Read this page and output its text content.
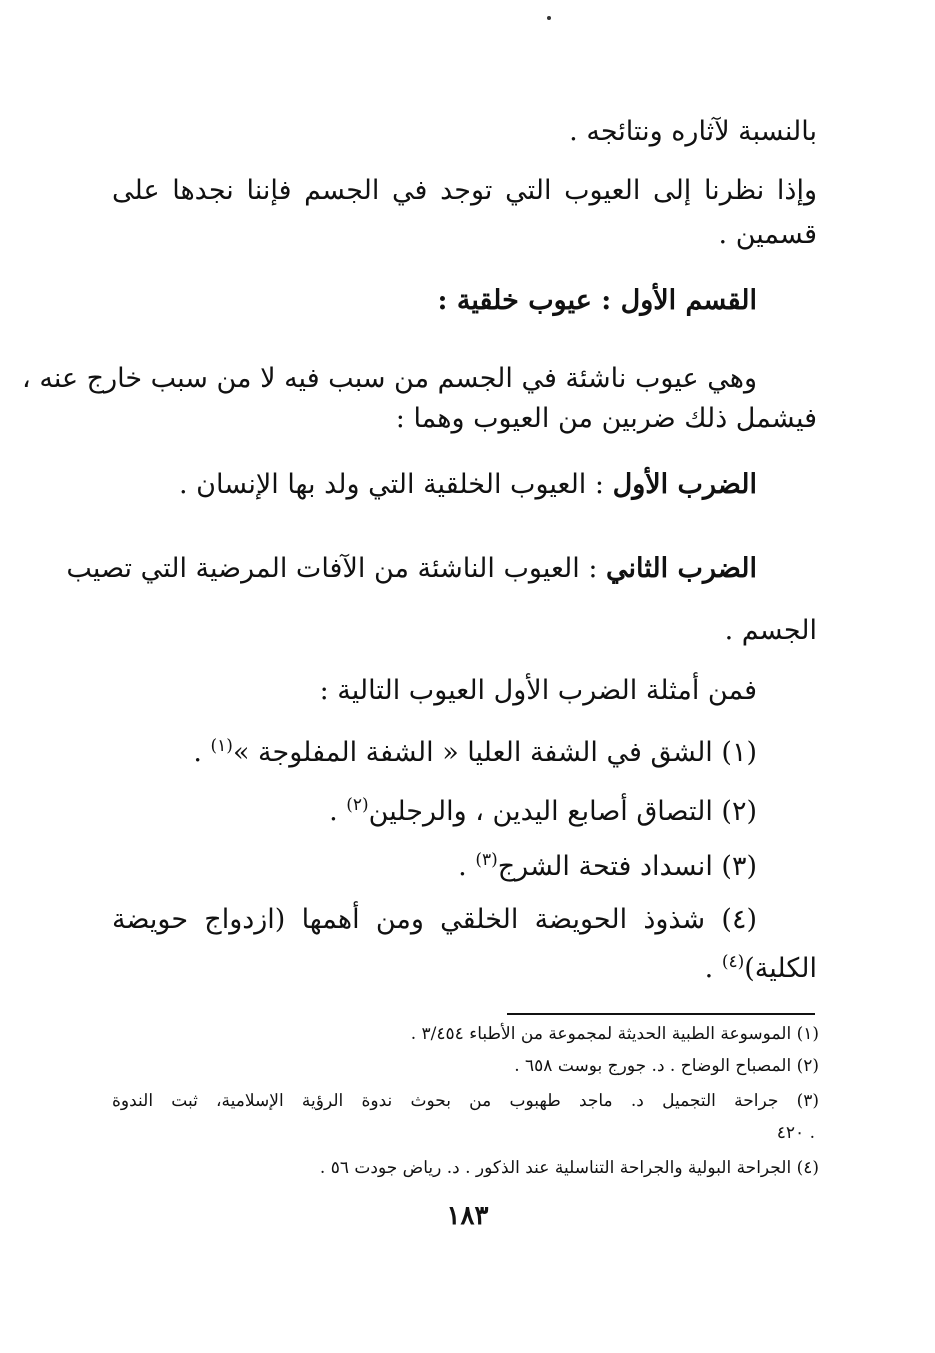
بالنسبة لآثاره ونتائجه .
وإذا نظرنا إلى العيوب التي توجد في الجسم فإننا نجدها على
قسمين .
القسم الأول : عيوب خلقية :
وهي عيوب ناشئة في الجسم من سبب فيه لا من سبب خارج عنه ،
فيشمل ذلك ضربين من العيوب وهما :
الضرب الأول : العيوب الخلقية التي ولد بها الإنسان .
الضرب الثاني : العيوب الناشئة من الآفات المرضية التي تصيب
الجسم .
فمن أمثلة الضرب الأول العيوب التالية :
(١) الشق في الشفة العليا « الشفة المفلوجة »$^{(١)}$ .
(٢) التصاق أصابع اليدين ، والرجلين$^{(٢)}$ .
(٣) انسداد فتحة الشرج$^{(٣)}$ .
(٤) شذوذ الحويضة الخلقي ومن أهمها (ازدواج حويضة
الكلية)$^{(٤)}$ .
(١) الموسوعة الطبية الحديثة لمجموعة من الأطباء ٣/٤٥٤ .
(٢) المصباح الوضاح . د. جورج بوست ٦٥٨ .
(٣) جراحة التجميل د. ماجد طهبوب من بحوث ندوة الرؤية الإسلامية، ثبت الندوة
. ٤٢٠
(٤) الجراحة البولية والجراحة التناسلية عند الذكور . د. رياض جودت ٥٦ .
١٨٣
